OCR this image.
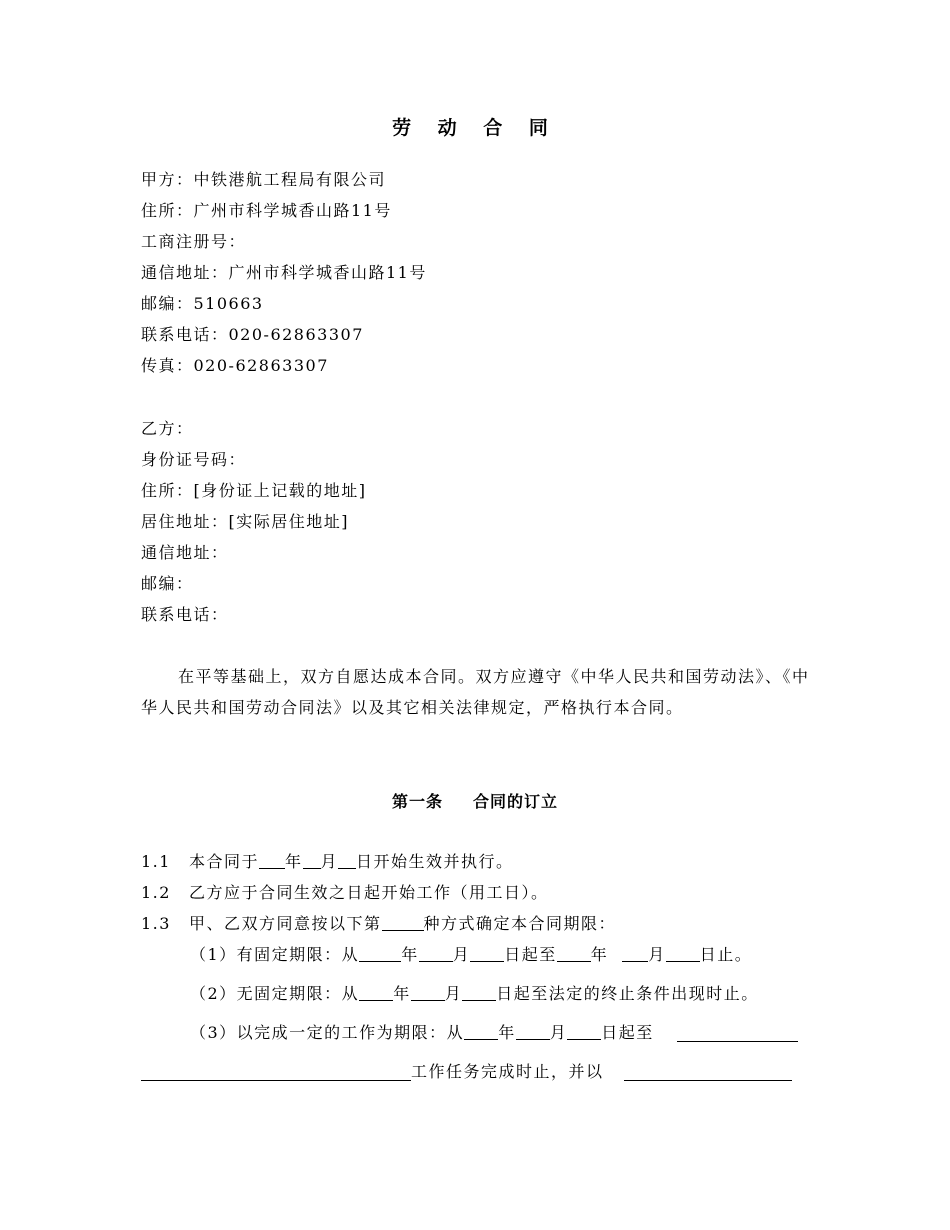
劳 动 合 同
甲方：中铁港航工程局有限公司
住所：广州市科学城香山路11号
工商注册号：
通信地址：广州市科学城香山路11号
邮编：510663
联系电话：020-62863307
传真：020-62863307
乙方：
身份证号码：
住所：[身份证上记载的地址]
居住地址：[实际居住地址]
通信地址：
邮编：
联系电话：
在平等基础上，双方自愿达成本合同。双方应遵守《中华人民共和国劳动法》、《中华人民共和国劳动合同法》以及其它相关法律规定，严格执行本合同。
第一条 合同的订立
1.1 本合同于 年 月 日开始生效并执行。
1.2 乙方应于合同生效之日起开始工作（用工日）。
1.3 甲、乙双方同意按以下第	种方式确定本合同期限：
（1）有固定期限：从	年 月 日起至 年	月 日止。
（2）无固定期限：从 年 月 日起至法定的终止条件出现时止。
（3）以完成一定的工作为期限：从 年 月 日起至
工作任务完成时止，并以
